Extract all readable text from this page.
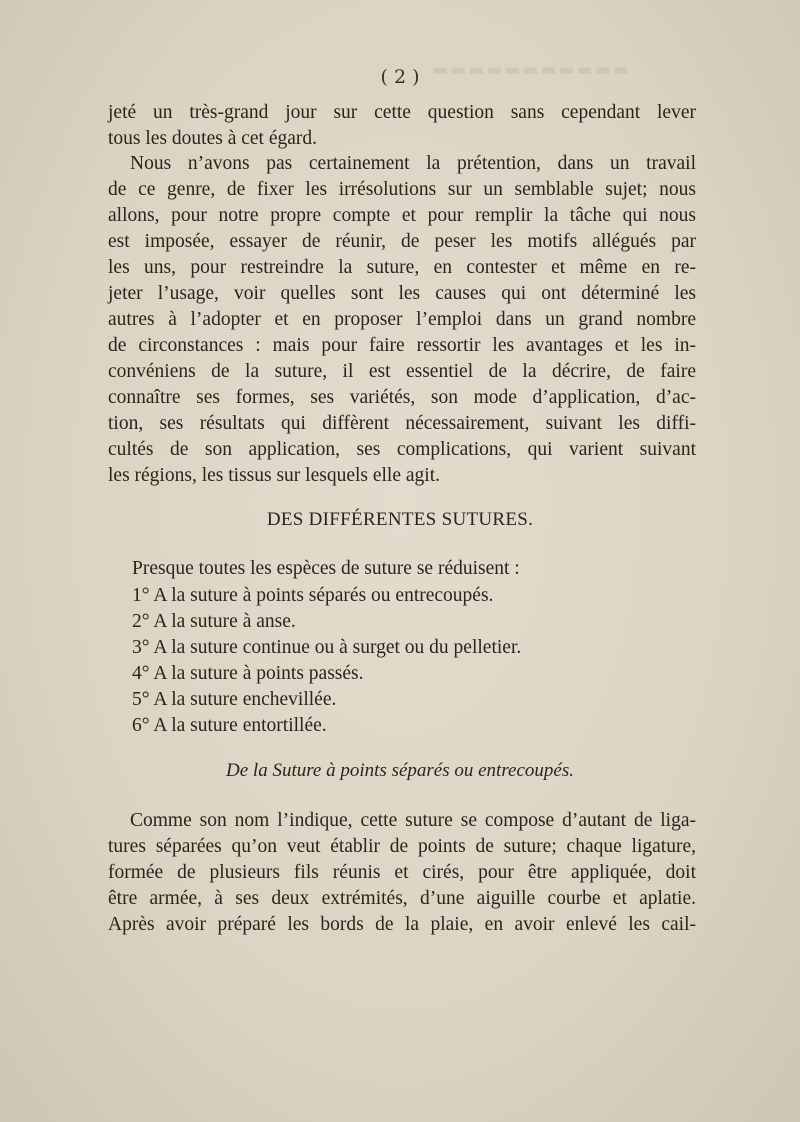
▬▬▬▬▬▬▬▬▬▬▬
( 2 )
jeté un très-grand jour sur cette question sans cependant lever
tous les doutes à cet égard.
Nous n’avons pas certainement la prétention, dans un travail
de ce genre, de fixer les irrésolutions sur un semblable sujet; nous
allons, pour notre propre compte et pour remplir la tâche qui nous
est imposée, essayer de réunir, de peser les motifs allégués par
les uns, pour restreindre la suture, en contester et même en re-
jeter l’usage, voir quelles sont les causes qui ont déterminé les
autres à l’adopter et en proposer l’emploi dans un grand nombre
de circonstances : mais pour faire ressortir les avantages et les in-
convéniens de la suture, il est essentiel de la décrire, de faire
connaître ses formes, ses variétés, son mode d’application, d’ac-
tion, ses résultats qui diffèrent nécessairement, suivant les diffi-
cultés de son application, ses complications, qui varient suivant
les régions, les tissus sur lesquels elle agit.
DES DIFFÉRENTES SUTURES.
Presque toutes les espèces de suture se réduisent :
1° A la suture à points séparés ou entrecoupés.
2° A la suture à anse.
3° A la suture continue ou à surget ou du pelletier.
4° A la suture à points passés.
5° A la suture enchevillée.
6° A la suture entortillée.
De la Suture à points séparés ou entrecoupés.
Comme son nom l’indique, cette suture se compose d’autant de liga-
tures séparées qu’on veut établir de points de suture; chaque ligature,
formée de plusieurs fils réunis et cirés, pour être appliquée, doit
être armée, à ses deux extrémités, d’une aiguille courbe et aplatie.
Après avoir préparé les bords de la plaie, en avoir enlevé les cail-
